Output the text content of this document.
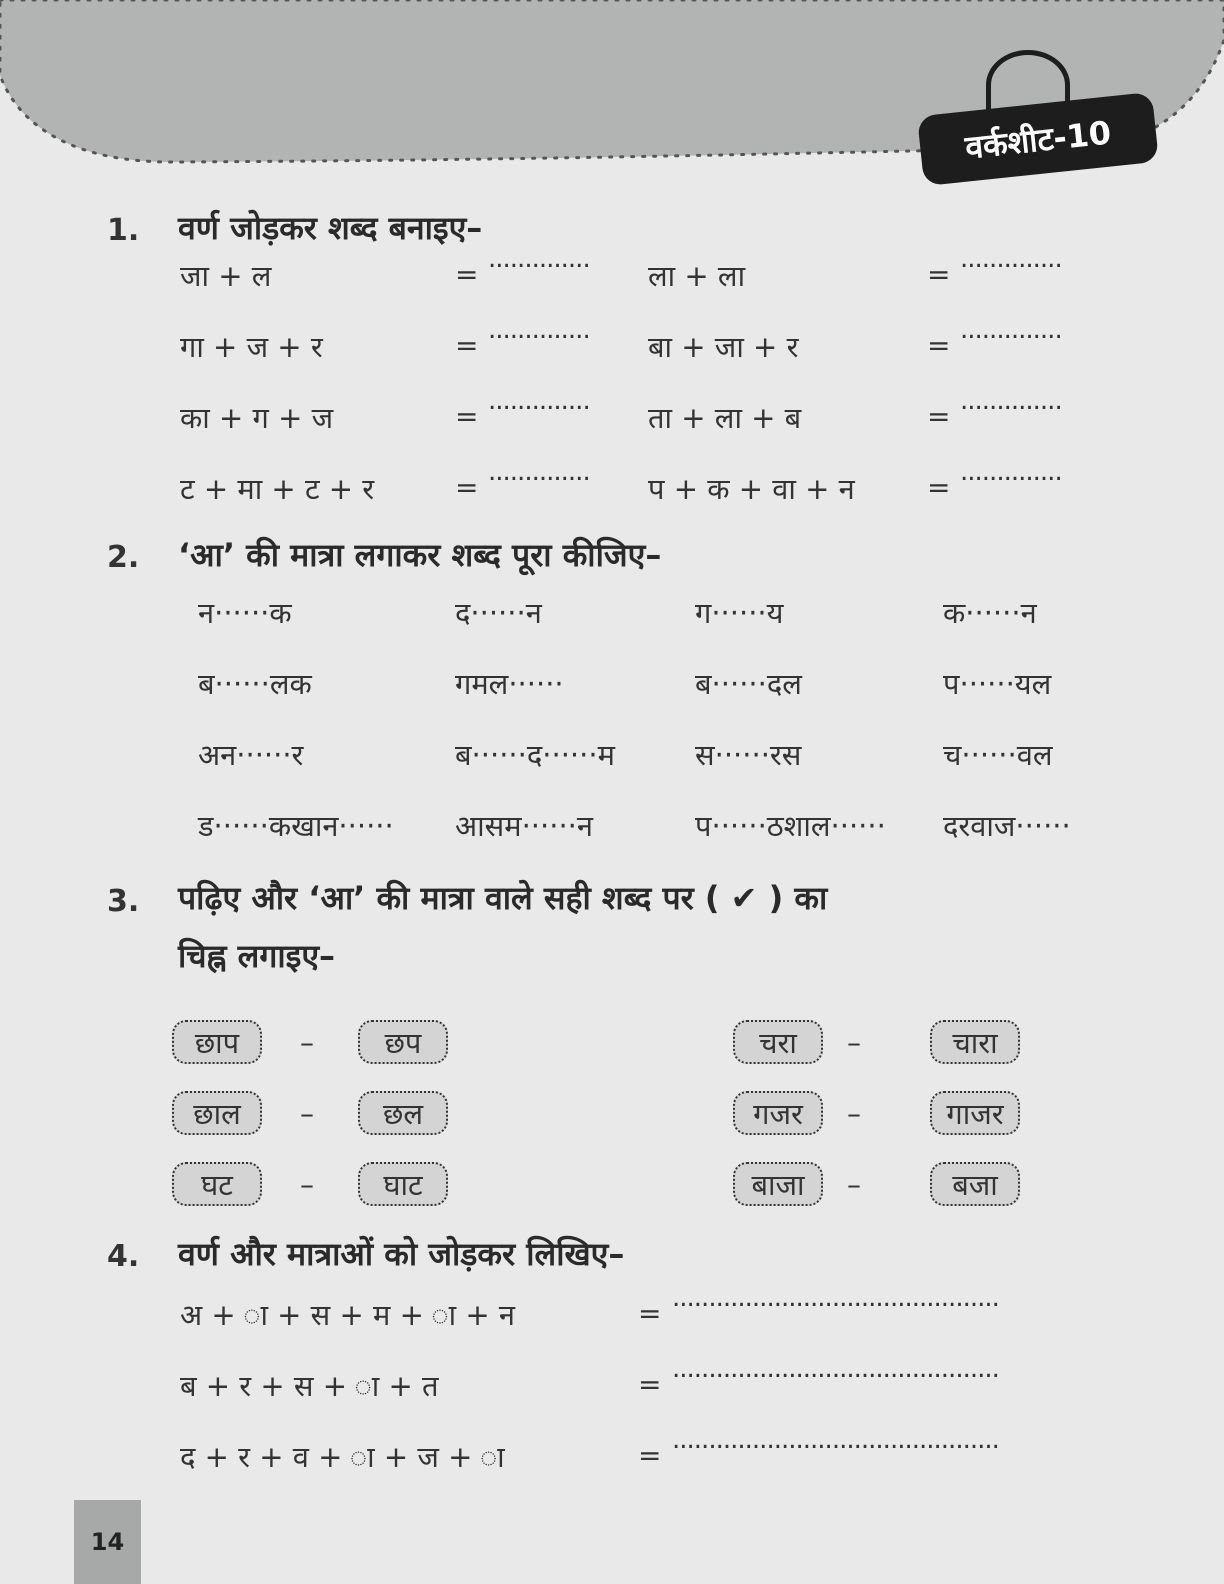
वर्कशीट-10
1. वर्ण जोड़कर शब्द बनाइए–
जा + ल	= .............. ला + ला	= ..............
गा + ज + र	= .............. बा + जा + र	= ..............
का + ग + ज	= .............. ता + ला + ब	= ..............
ट + मा + ट + र	= .............. प + क + वा + न	= ..............
2. ‘आ’ की मात्रा लगाकर शब्द पूरा कीजिए–
न······क	द······न	ग······य	क······न
ब······लक	गमल······	ब······दल	प······यल
अन······र	ब······द······म	स······रस	च······वल
ड······कखान······ आसम······न	प······ठशाल······ दरवाज······
3. पढ़िए और ‘आ’ की मात्रा वाले सही शब्द पर ( ✔ ) का
चिह्न लगाइए–
छाप	–	छप	चरा	–	चारा
छाल	–	छल	गजर	–	गाजर
घट	–	घाट	बाजा	–	बजा
4. वर्ण और मात्राओं को जोड़कर लिखिए–
अ + ा + स + म + ा + न	= .............................................
ब + र + स + ा + त	= .............................................
द + र + व + ा + ज + ा	= .............................................
14
